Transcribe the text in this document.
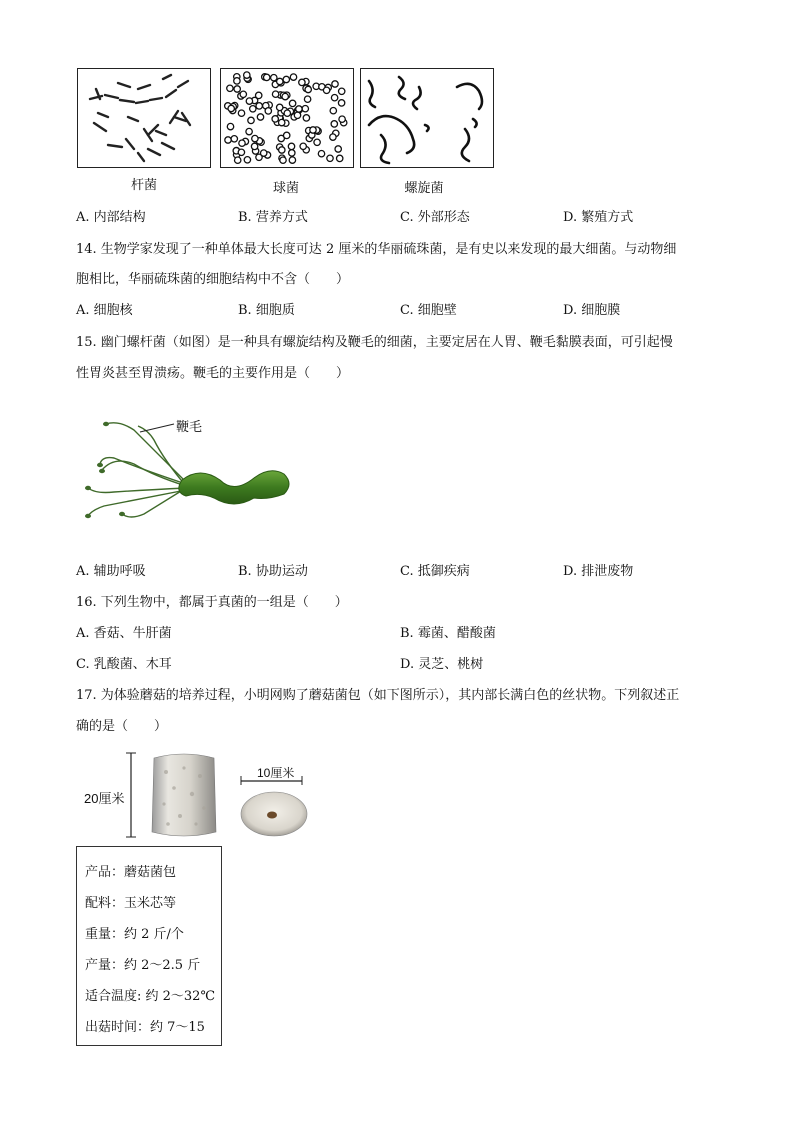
杆菌	球菌	螺旋菌
A. 内部结构	B. 营养方式	C. 外部形态	D. 繁殖方式
14. 生物学家发现了一种单体最大长度可达 2 厘米的华丽硫珠菌，是有史以来发现的最大细菌。与动物细
胞相比，华丽硫珠菌的细胞结构中不含（　　）
A. 细胞核	B. 细胞质	C. 细胞壁	D. 细胞膜
15. 幽门螺杆菌（如图）是一种具有螺旋结构及鞭毛的细菌，主要定居在人胃、鞭毛黏膜表面，可引起慢
性胃炎甚至胃溃疡。鞭毛的主要作用是（　　）
鞭毛
A. 辅助呼吸	B. 协助运动	C. 抵御疾病	D. 排泄废物
16. 下列生物中，都属于真菌的一组是（　　）
A. 香菇、牛肝菌	B. 霉菌、醋酸菌
C. 乳酸菌、木耳	D. 灵芝、桃树
17. 为体验蘑菇的培养过程，小明网购了蘑菇菌包（如下图所示），其内部长满白色的丝状物。下列叙述正
确的是（　　）
20厘米
10厘米
产品：蘑菇菌包
配料：玉米芯等
重量：约 2 斤/个
产量：约 2～2.5 斤
适合温度: 约 2～32℃
出菇时间：约 7～15
